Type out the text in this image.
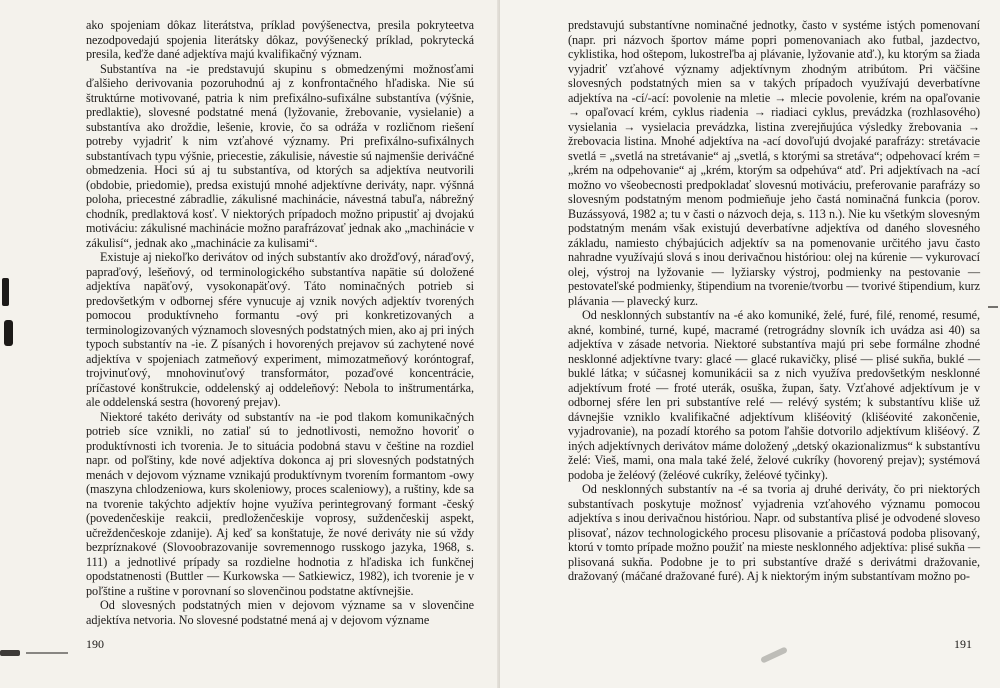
ako spojeniam dôkaz literátstva, príklad povýšenectva, presila pokryteetva nezodpovedajú spojenia literátsky dôkaz, povýšenecký príklad, pokrytecká presila, keďže dané adjektíva majú kvalifikačný význam.

Substantíva na -ie predstavujú skupinu s obmedzenými možnosťami ďalšieho derivovania pozoruhodnú aj z konfrontačného hľadiska. Nie sú štruktúrne motivované, patria k nim prefixálno-sufixálne substantíva (výšnie, predlaktie), slovesné podstatné mená (lyžovanie, žrebovanie, vysielanie) a substantíva ako droždie, lešenie, krovie, čo sa odráža v rozličnom riešení potreby vyjadriť k nim vzťahové významy. Pri prefixálno-sufixálnych substantívach typu výšnie, priecestie, zákulisie, návestie sú najmenšie deriváčné obmedzenia. Hoci sú aj tu substantíva, od ktorých sa adjektíva neutvorili (obdobie, priedomie), predsa existujú mnohé adjektívne deriváty, napr. výšnná poloha, priecestné zábradlie, zákulisné machinácie, návestná tabuľa, nábrežný chodník, predlaktová kosť. V niektorých prípadoch možno pripustiť aj dvojakú motiváciu: zákulisné machinácie možno parafrázovať jednak ako „machinácie v zákulisí“, jednak ako „machinácie za kulisami“.

Existuje aj niekoľko derivátov od iných substantív ako drožďový, náraďový, papraďový, lešeňový, od terminologického substantíva napätie sú doložené adjektíva napäťový, vysokonapäťový. Táto nominačných potrieb si predovšetkým v odbornej sfére vynucuje aj vznik nových adjektív tvorených pomocou produktívneho formantu -ový pri konkretizovaných a terminologizovaných významoch slovesných podstatných mien, ako aj pri iných typoch substantív na -ie. Z písaných i hovorených prejavov sú zachytené nové adjektíva v spojeniach zatmeňový experiment, mimozatmeňový koróntograf, trojvinuťový, mnohovinuťový transformátor, pozaďové koncentrácie, príčastové konštrukcie, oddelenský aj oddeleňový: Nebola to inštrumentárka, ale oddelenská sestra (hovorený prejav).

Niektoré takéto deriváty od substantív na -ie pod tlakom komunikačných potrieb síce vznikli, no zatiaľ sú to jednotlivosti, nemožno hovoriť o produktívnosti ich tvorenia. Je to situácia podobná stavu v češtine na rozdiel napr. od poľštiny, kde nové adjektíva dokonca aj pri slovesných podstatných menách v dejovom význame vznikajú produktívnym tvorením formantom -owy (maszyna chlodzeniowa, kurs skoleniowy, proces scaleniowy), a ruštiny, kde sa na tvorenie takýchto adjektív hojne využíva perintegrovaný formant -český (povedenčeskije reakcii, predloženčeskije voprosy, suždenčeskij aspekt, učreždenčeskoje zdanije). Aj keď sa konštatuje, že nové deriváty nie sú vždy bezpríznakové (Slovoobrazovanije sovremennogo russkogo jazyka, 1968, s. 111) a jednotlivé prípady sa rozdielne hodnotia z hľadiska ich funkčnej opodstatnenosti (Buttler — Kurkowska — Satkiewicz, 1982), ich tvorenie je v poľštine a ruštine v porovnaní so slovenčinou podstatne aktívnejšie.

Od slovesných podstatných mien v dejovom význame sa v slovenčine adjektíva netvoria. No slovesné podstatné mená aj v dejovom význame

190

predstavujú substantívne nominačné jednotky, často v systéme istých pomenovaní (napr. pri názvoch športov máme popri pomenovaniach ako futbal, jazdectvo, cyklistika, hod oštepom, lukostreľba aj plávanie, lyžovanie atď.), ku ktorým sa žiada vyjadriť vzťahové významy adjektívnym zhodným atribútom. Pri väčšine slovesných podstatných mien sa v takých prípadoch využívajú deverbatívne adjektíva na -cí/-ací: povolenie na mletie → mlecie povolenie, krém na opaľovanie → opaľovací krém, cyklus riadenia → riadiaci cyklus, prevádzka (rozhlasového) vysielania → vysielacia prevádzka, listina zverejňujúca výsledky žrebovania → žrebovacia listina. Mnohé adjektíva na -ací dovoľujú dvojaké parafrázy: stretávacie svetlá = „svetlá na stretávanie“ aj „svetlá, s ktorými sa stretáva“; odpehovací krém = „krém na odpehovanie“ aj „krém, ktorým sa odpehúva“ atď. Pri adjektívach na -ací možno vo všeobecnosti predpokladať slovesnú motiváciu, preferovanie parafrázy so slovesným podstatným menom podmieňuje jeho častá nominačná funkcia (porov. Buzássyová, 1982 a; tu v časti o názvoch deja, s. 113 n.). Nie ku všetkým slovesným podstatným menám však existujú deverbatívne adjektíva od daného slovesného základu, namiesto chýbajúcich adjektív sa na pomenovanie určitého javu často nahradne využívajú slová s inou derivačnou históriou: olej na kúrenie — vykurovací olej, výstroj na lyžovanie — lyžiarsky výstroj, podmienky na pestovanie — pestovateľské podmienky, štipendium na tvorenie/tvorbu — tvorivé štipendium, kurz plávania — plavecký kurz.

Od nesklonných substantív na -é ako komuniké, želé, furé, filé, renomé, resumé, akné, kombiné, turné, kupé, macramé (retrográdny slovník ich uvádza asi 40) sa adjektíva v zásade netvoria. Niektoré substantíva majú pri sebe formálne zhodné nesklonné adjektívne tvary: glacé — glacé rukavičky, plisé — plisé sukňa, buklé — buklé látka; v súčasnej komunikácii sa z nich využíva predovšetkým nesklonné adjektívum froté — froté uterák, osuška, župan, šaty. Vzťahové adjektívum je v odbornej sfére len pri substantíve relé — relévý systém; k substantívu kliše už dávnejšie vzniklo kvalifikačné adjektívum klišéovitý (klišéovité zakončenie, vyjadrovanie), na pozadí ktorého sa potom ľahšie dotvorilo adjektívum klišéový. Z iných adjektívnych derivátov máme doložený „detský okazionalizmus“ k substantívu želé: Vieš, mami, ona mala také želé, želové cukríky (hovorený prejav); systémová podoba je želéový (želéové cukríky, želéové tyčinky).

Od nesklonných substantív na -é sa tvoria aj druhé deriváty, čo pri niektorých substantívach poskytuje možnosť vyjadrenia vzťahového významu pomocou adjektíva s inou derivačnou históriou. Napr. od substantíva plisé je odvodené sloveso plisovať, názov technologického procesu plisovanie a príčastová podoba plisovaný, ktorú v tomto prípade možno použiť na mieste nesklonného adjektíva: plisé sukňa — plisovaná sukňa. Podobne je to pri substantíve dražé s derivátmi dražovanie, dražovaný (máčané dražované furé). Aj k niektorým iným substantívam možno po-

191
